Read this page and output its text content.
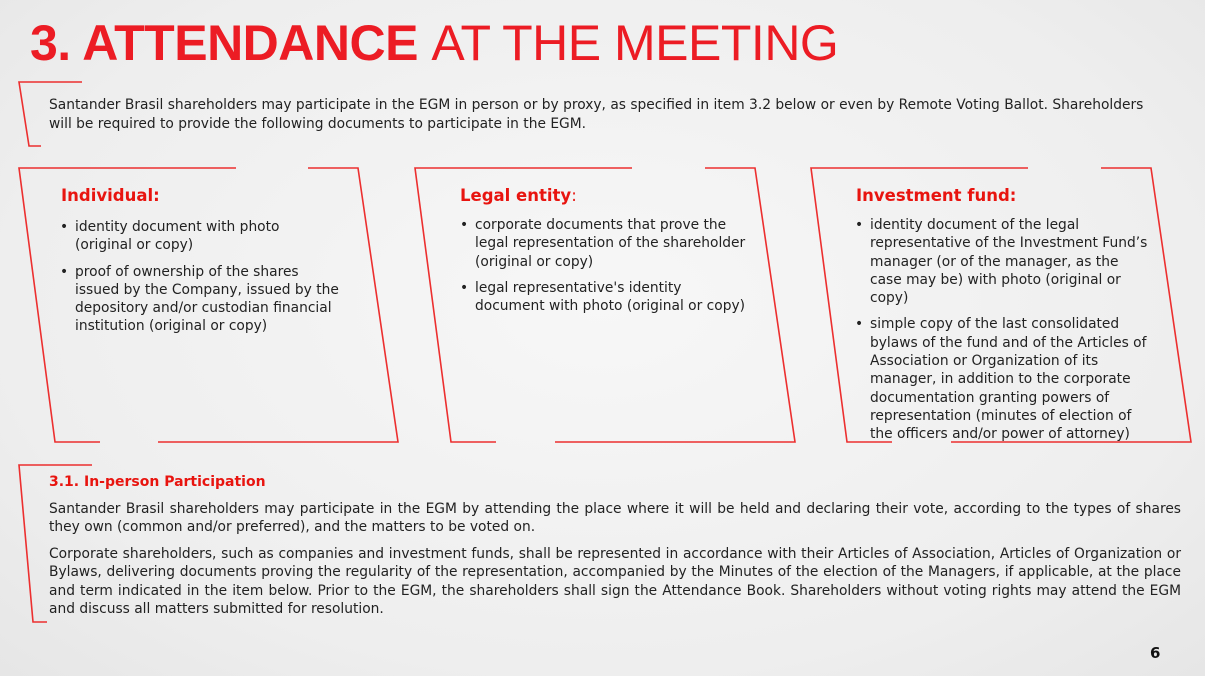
3. ATTENDANCE AT THE MEETING

Santander Brasil shareholders may participate in the EGM in person or by proxy, as specified in item 3.2 below or even by Remote Voting Ballot. Shareholders will be required to provide the following documents to participate in the EGM.

Individual:
• identity document with photo (original or copy)
• proof of ownership of the shares issued by the Company, issued by the depository and/or custodian financial institution (original or copy)
Legal entity:
• corporate documents that prove the legal representation of the shareholder (original or copy)
• legal representative's identity document with photo (original or copy)
Investment fund:
• identity document of the legal representative of the Investment Fund’s manager (or of the manager, as the case may be) with photo (original or copy)
• simple copy of the last consolidated bylaws of the fund and of the Articles of Association or Organization of its manager, in addition to the corporate documentation granting powers of representation (minutes of election of the officers and/or power of attorney)
3.1. In-person Participation

Santander Brasil shareholders may participate in the EGM by attending the place where it will be held and declaring their vote, according to the types of shares they own (common and/or preferred), and the matters to be voted on.

Corporate shareholders, such as companies and investment funds, shall be represented in accordance with their Articles of Association, Articles of Organization or Bylaws, delivering documents proving the regularity of the representation, accompanied by the Minutes of the election of the Managers, if applicable, at the place and term indicated in the item below. Prior to the EGM, the shareholders shall sign the Attendance Book. Shareholders without voting rights may attend the EGM and discuss all matters submitted for resolution.

6
